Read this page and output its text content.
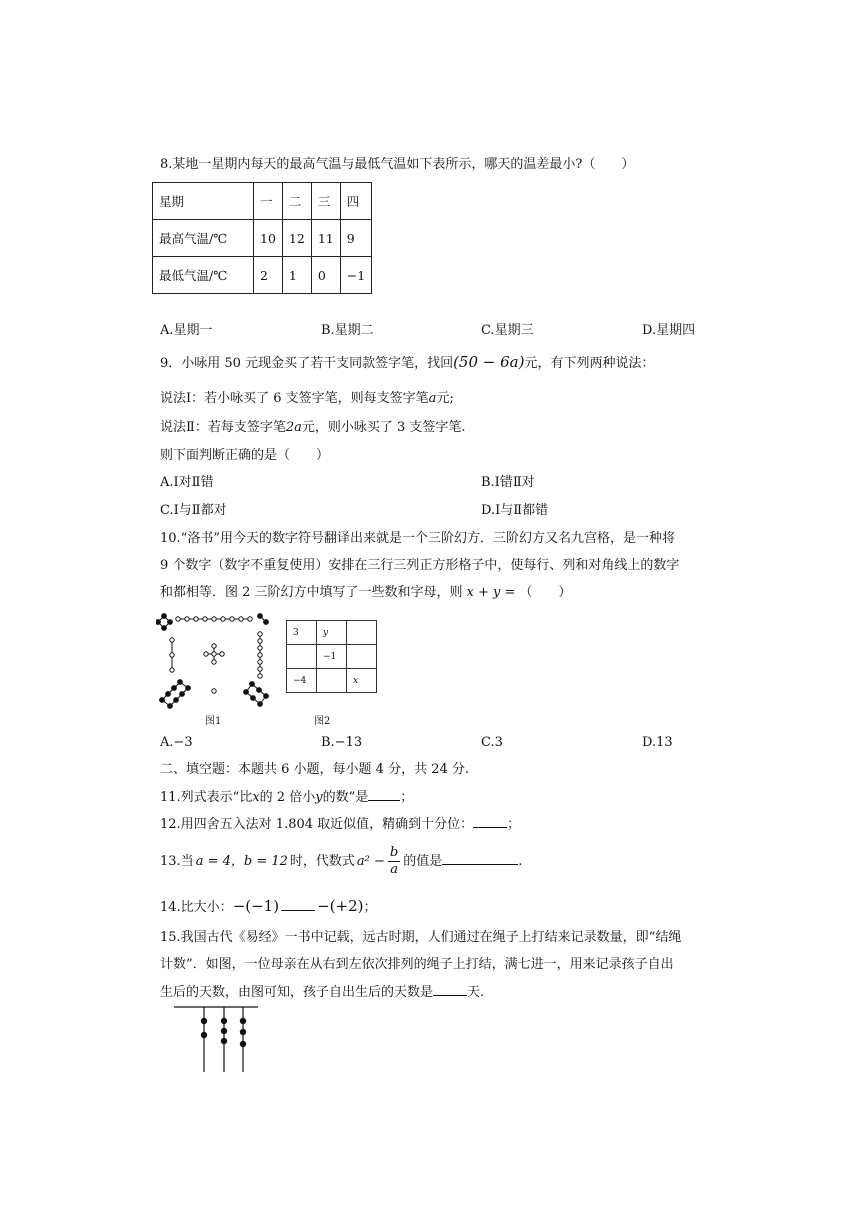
8.某地一星期内每天的最高气温与最低气温如下表所示，哪天的温差最小?（　　）
星期	一	二	三	四
最高气温/℃	10	12	11	9
最低气温/℃	2	1	0	−1
A.星期一	B.星期二	C.星期三	D.星期四
9．小咏用 50 元现金买了若干支同款签字笔，找回(50 − 6a)元，有下列两种说法：
说法Ⅰ：若小咏买了 6 支签字笔，则每支签字笔a元;
说法Ⅱ：若每支签字笔2a元，则小咏买了 3 支签字笔.
则下面判断正确的是（　　）
A.Ⅰ对Ⅱ错	B.Ⅰ错Ⅱ对
C.Ⅰ与Ⅱ都对	D.Ⅰ与Ⅱ都错
10.“洛书”用今天的数字符号翻译出来就是一个三阶幻方．三阶幻方又名九宫格，是一种将
9 个数字（数字不重复使用）安排在三行三列正方形格子中，使每行、列和对角线上的数字
和都相等．图 2 三阶幻方中填写了一些数和字母，则 x + y = （　　）
图1
3	y	
	−1	
−4		x
图2
A.−3	B.−13	C.3	D.13
二、填空题：本题共 6 小题，每小题 4 分，共 24 分.
11.列式表示“比x的 2 倍小y的数”是 ；
12.用四舍五入法对 1.804 取近似值，精确到十分位：	；
13.当 a = 4，b = 12 时，代数式 $a^2 - \frac{b}{a}$ 的值是	.
14.比大小：−(−1)	−(+2)；
15.我国古代《易经》一书中记载，远古时期，人们通过在绳子上打结来记录数量，即“结绳
计数”．如图，一位母亲在从右到左依次排列的绳子上打结，满七进一，用来记录孩子自出
生后的天数，由图可知，孩子自出生后的天数是	天.
